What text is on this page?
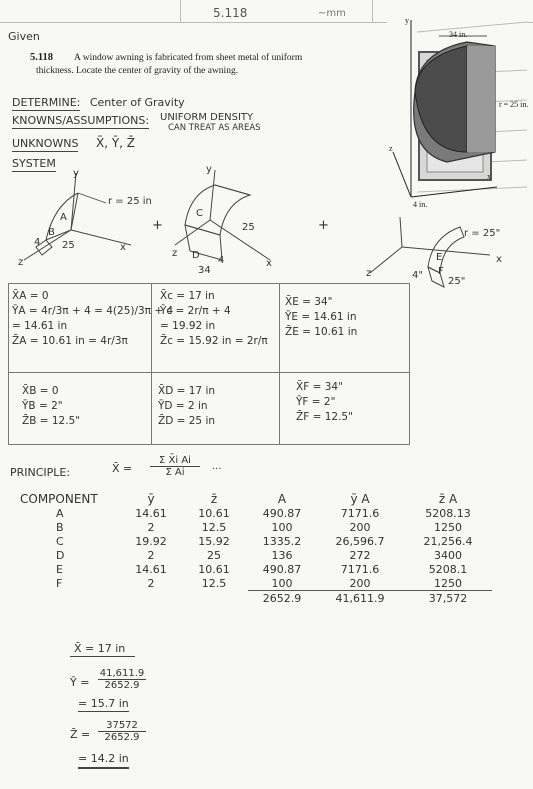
5.118	~mm
Given
5.118 A window awning is fabricated from sheet metal of uniform
thickness. Locate the center of gravity of the awning.
y
34 in.
r = 25 in.
z
x
4 in.
DETERMINE: Center of Gravity
KNOWNS/ASSUMPTIONS: UNIFORM DENSITY
CAN TREAT AS AREAS
UNKNOWNS X̄, Ȳ, Z̄
SYSTEM
y
r = 25 in
A
B
4 25	x
z
+
y
C
25
D 4
34
x
z
+
r = 25"
E
F
4"
25"
x
z
X̄A = 0
ȲA = 4r/3π + 4 = 4(25)/3π + 4
= 14.61 in
Z̄A = 10.61 in = 4r/3π
X̄c = 17 in
Ȳc = 2r/π + 4
= 19.92 in
Z̄c = 15.92 in = 2r/π
X̄E = 34"
ȲE = 14.61 in
Z̄E = 10.61 in
X̄B = 0
ȲB = 2"
Z̄B = 12.5"
X̄D = 17 in
ȲD = 2 in
Z̄D = 25 in
X̄F = 34"
ȲF = 2"
Z̄F = 12.5"
PRINCIPLE:	X̄ =
Σ X̄i Ai
Σ Ai
...
COMPONENT	ȳ	z̄	A	ȳ A	z̄ A
A	14.61	10.61	490.87	7171.6	5208.13
B	2	12.5	100	200	1250
C	19.92	15.92	1335.2	26,596.7	21,256.4
D	2	25	136	272	3400
E	14.61	10.61	490.87	7171.6	5208.1
F	2	12.5	100	200	1250
			2652.9	41,611.9	37,572
X̄ = 17 in
Ȳ =
41,611.9
2652.9
= 15.7 in
Z̄ =
37572
2652.9
= 14.2 in
